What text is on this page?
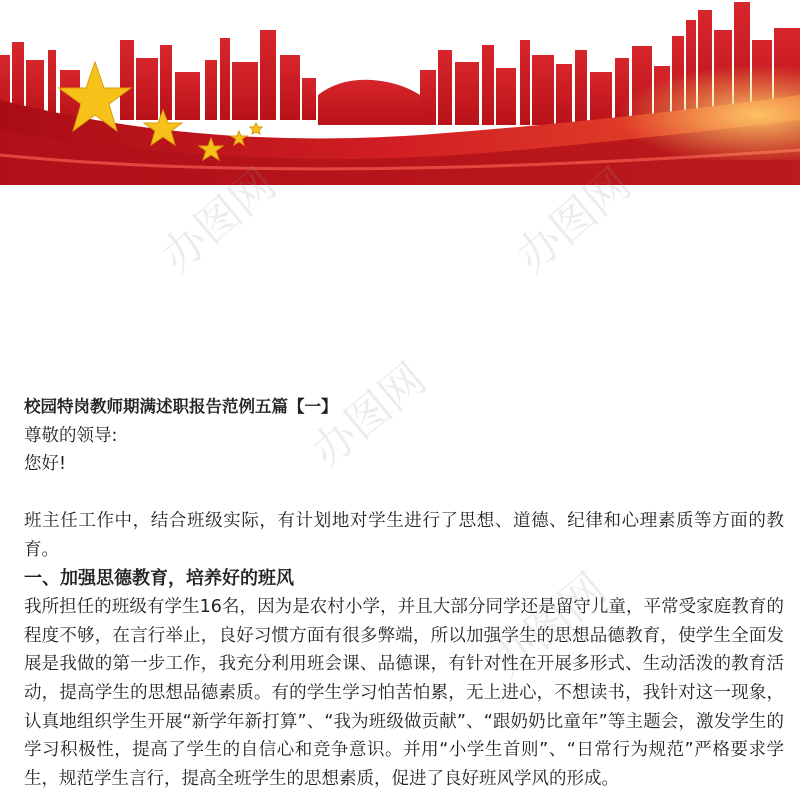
办图网	办图网
办图网
办图网

校园特岗教师期满述职报告范例五篇【一】

尊敬的领导:

您好!

班主任工作中，结合班级实际，有计划地对学生进行了思想、道德、纪律和心理素质等方面的教育。

一、加强思德教育，培养好的班风

我所担任的班级有学生16名，因为是农村小学，并且大部分同学还是留守儿童，平常受家庭教育的程度不够，在言行举止，良好习惯方面有很多弊端，所以加强学生的思想品德教育，使学生全面发展是我做的第一步工作，我充分利用班会课、品德课，有针对性在开展多形式、生动活泼的教育活动，提高学生的思想品德素质。有的学生学习怕苦怕累，无上进心，不想读书，我针对这一现象，认真地组织学生开展“新学年新打算”、“我为班级做贡献”、“跟奶奶比童年”等主题会，激发学生的学习积极性，提高了学生的自信心和竞争意识。并用“小学生首则”、“日常行为规范”严格要求学生，规范学生言行，提高全班学生的思想素质，促进了良好班风学风的形成。
